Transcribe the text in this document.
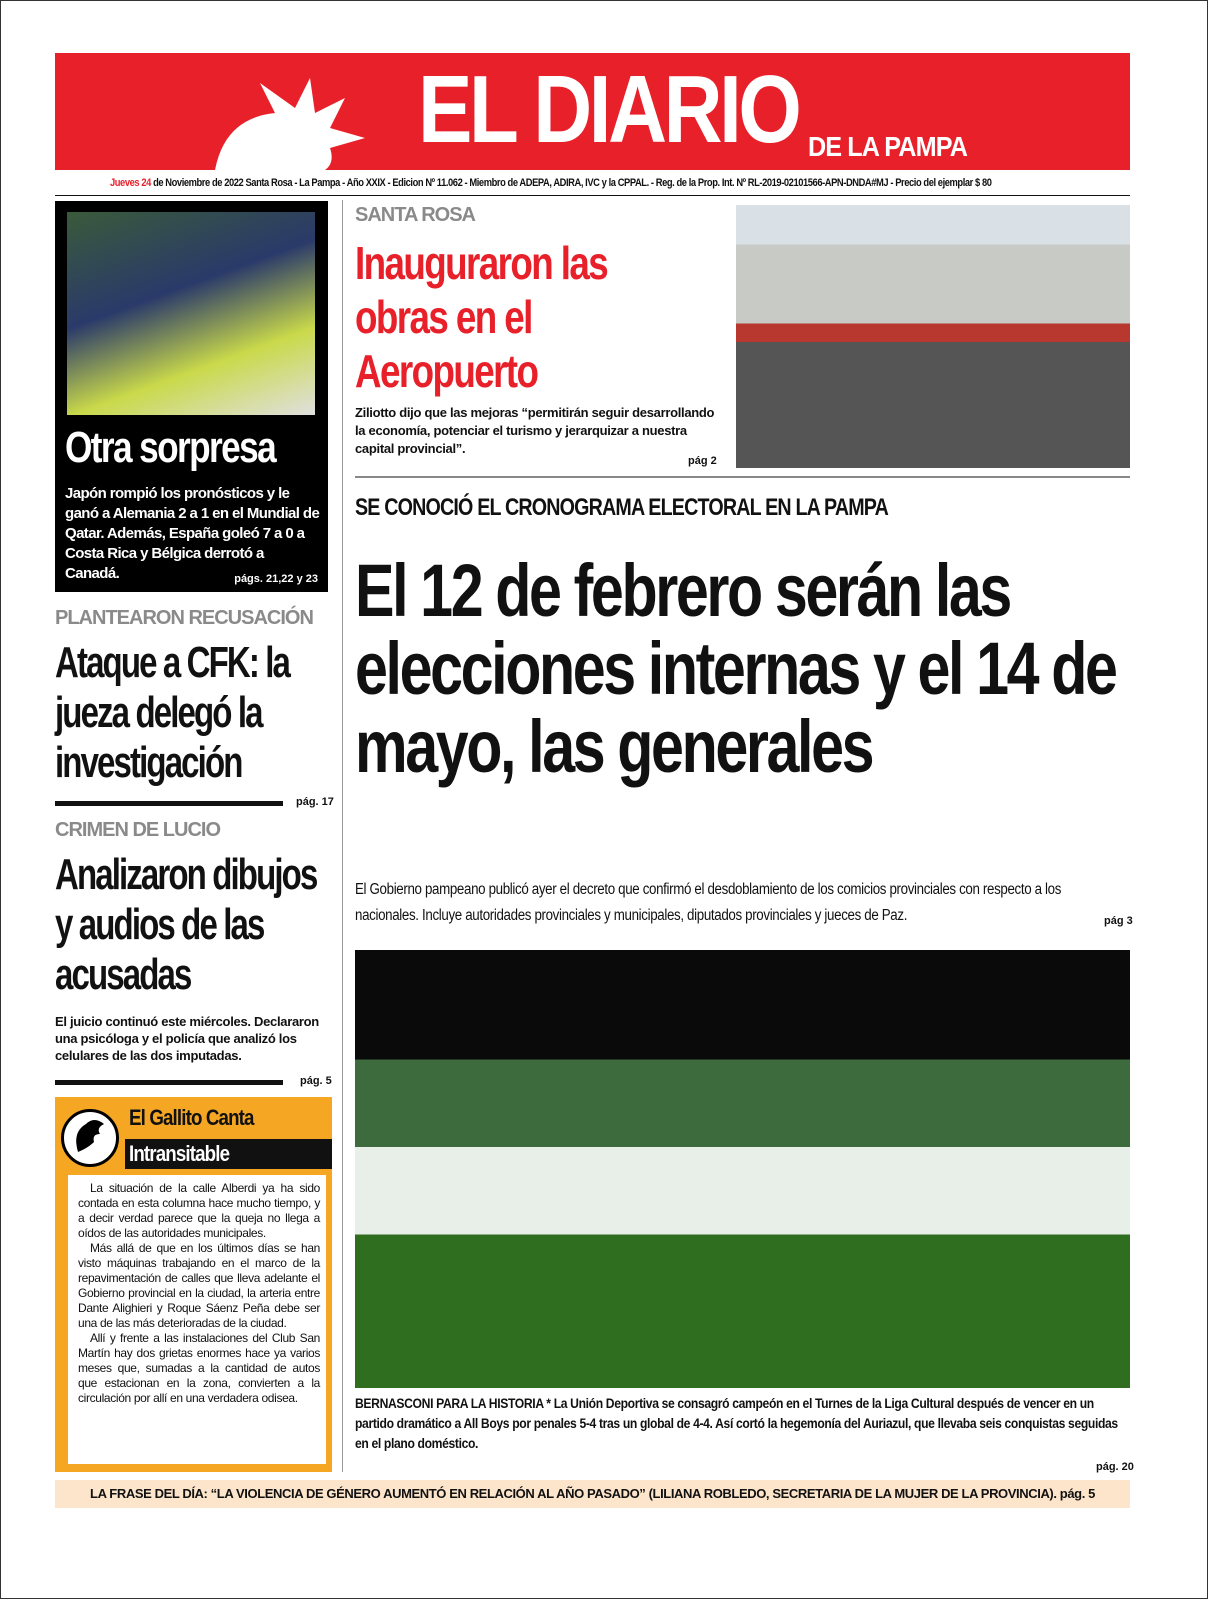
EL DIARIO DE LA PAMPA
Jueves 24 de Noviembre de 2022 Santa Rosa - La Pampa - Año XXIX - Edicion Nº 11.062 - Miembro de ADEPA, ADIRA, IVC y la CPPAL. - Reg. de la Prop. Int. Nº RL-2019-02101566-APN-DNDA#MJ - Precio del ejemplar $ 80
Otra sorpresa
Japón rompió los pronósticos y le ganó a Alemania 2 a 1 en el Mundial de Qatar. Además, España goleó 7 a 0 a Costa Rica y Bélgica derrotó a Canadá.	págs. 21,22 y 23
PLANTEARON RECUSACIÓN
Ataque a CFK: la jueza delegó la investigación
pág. 17
CRIMEN DE LUCIO
Analizaron dibujos y audios de las acusadas
El juicio continuó este miércoles. Declararon una psicóloga y el policía que analizó los celulares de las dos imputadas.
pág. 5
El Gallito Canta
Intransitable

La situación de la calle Alberdi ya ha sido contada en esta columna hace mucho tiempo, y a decir verdad parece que la queja no llega a oídos de las autoridades municipales.

Más allá de que en los últimos días se han visto máquinas trabajando en el marco de la repavimentación de calles que lleva adelante el Gobierno provincial en la ciudad, la arteria entre Dante Alighieri y Roque Sáenz Peña debe ser una de las más deterioradas de la ciudad.

Allí y frente a las instalaciones del Club San Martín hay dos grietas enormes hace ya varios meses que, sumadas a la cantidad de autos que estacionan en la zona, convierten a la circulación por allí en una verdadera odisea.

SANTA ROSA
Inauguraron las obras en el Aeropuerto
Ziliotto dijo que las mejoras “permitirán seguir desarrollando la economía, potenciar el turismo y jerarquizar a nuestra capital provincial”.
pág 2
SE CONOCIÓ EL CRONOGRAMA ELECTORAL EN LA PAMPA
El 12 de febrero serán las elecciones internas y el 14 de mayo, las generales
El Gobierno pampeano publicó ayer el decreto que confirmó el desdoblamiento de los comicios provinciales con respecto a los nacionales. Incluye autoridades provinciales y municipales, diputados provinciales y jueces de Paz.	pág 3
BERNASCONI PARA LA HISTORIA * La Unión Deportiva se consagró campeón en el Turnes de la Liga Cultural después de vencer en un partido dramático a All Boys por penales 5-4 tras un global de 4-4. Así cortó la hegemonía del Auriazul, que llevaba seis conquistas seguidas en el plano doméstico.
pág. 20
LA FRASE DEL DÍA: “LA VIOLENCIA DE GÉNERO AUMENTÓ EN RELACIÓN AL AÑO PASADO” (LILIANA ROBLEDO, SECRETARIA DE LA MUJER DE LA PROVINCIA). pág. 5
